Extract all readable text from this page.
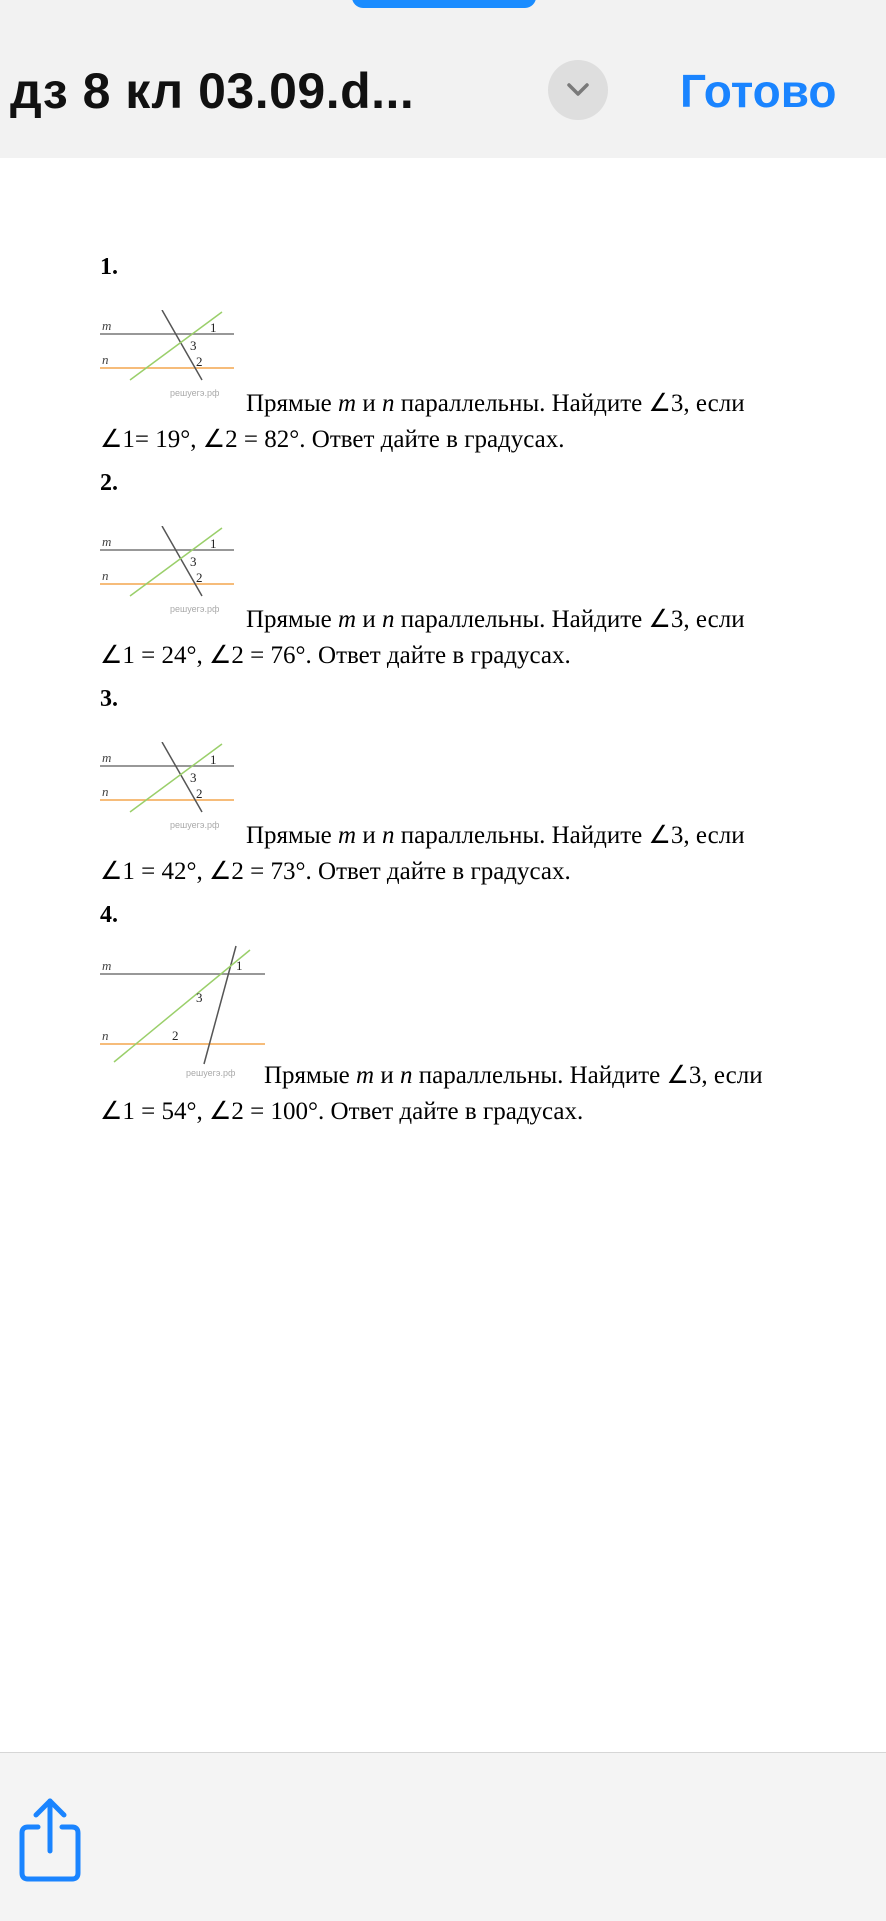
дз 8 кл 03.09.d...	Готово
1.
m
n
1
3
2
решуегэ.рф Прямые m и n параллельны. Найдите ∠3, если
∠1= 19°, ∠2 = 82°. Ответ дайте в градусах.
2.
m
n
1
3
2
решуегэ.рф Прямые m и n параллельны. Найдите ∠3, если
∠1 = 24°, ∠2 = 76°. Ответ дайте в градусах.
3.
m
n
1
3
2
решуегэ.рф Прямые m и n параллельны. Найдите ∠3, если
∠1 = 42°, ∠2 = 73°. Ответ дайте в градусах.
4.
m
n
1
3
2
решуегэ.рф Прямые m и n параллельны. Найдите ∠3, если
∠1 = 54°, ∠2 = 100°. Ответ дайте в градусах.
